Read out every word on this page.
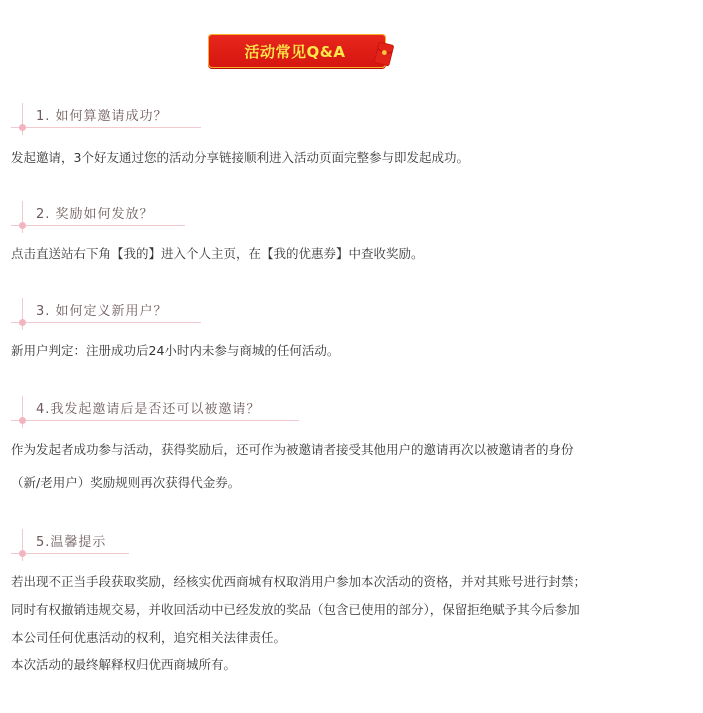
活动常见Q&A
1. 如何算邀请成功？
发起邀请，3个好友通过您的活动分享链接顺利进入活动页面完整参与即发起成功。
2. 奖励如何发放？
点击直送站右下角【我的】进入个人主页，在【我的优惠券】中查收奖励。
3. 如何定义新用户？
新用户判定：注册成功后24小时内未参与商城的任何活动。
4.我发起邀请后是否还可以被邀请？
作为发起者成功参与活动，获得奖励后，还可作为被邀请者接受其他用户的邀请再次以被邀请者的身份
（新/老用户）奖励规则再次获得代金券。
5.温馨提示
若出现不正当手段获取奖励，经核实优西商城有权取消用户参加本次活动的资格，并对其账号进行封禁；
同时有权撤销违规交易，并收回活动中已经发放的奖品（包含已使用的部分），保留拒绝赋予其今后参加
本公司任何优惠活动的权利，追究相关法律责任。
本次活动的最终解释权归优西商城所有。
